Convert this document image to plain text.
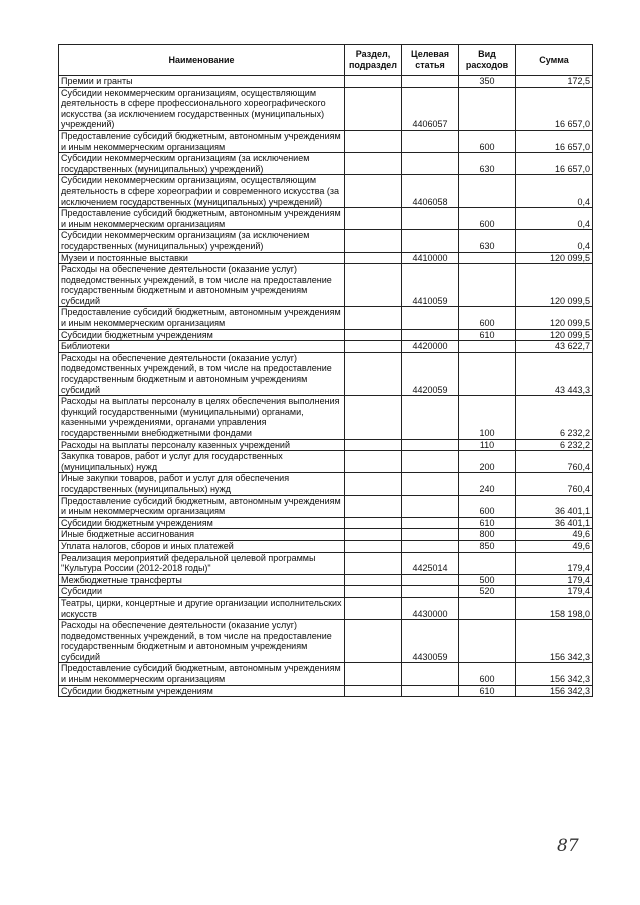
Наименование	Раздел, подраздел	Целевая статья	Вид расходов	Сумма
Премии и гранты			350	172,5
Субсидии некоммерческим организациям, осуществляющим деятельность в сфере профессионального хореографического искусства (за исключением государственных (муниципальных) учреждений)		4406057		16 657,0
Предоставление субсидий бюджетным, автономным учреждениям и иным некоммерческим организациям			600	16 657,0
Субсидии некоммерческим организациям (за исключением государственных (муниципальных) учреждений)			630	16 657,0
Субсидии некоммерческим организациям, осуществляющим деятельность в сфере хореографии и современного искусства (за исключением государственных (муниципальных) учреждений)		4406058		0,4
Предоставление субсидий бюджетным, автономным учреждениям и иным некоммерческим организациям			600	0,4
Субсидии некоммерческим организациям (за исключением государственных (муниципальных) учреждений)			630	0,4
Музеи и постоянные выставки		4410000		120 099,5
Расходы на обеспечение деятельности (оказание услуг) подведомственных учреждений, в том числе на предоставление государственным бюджетным и автономным учреждениям субсидий		4410059		120 099,5
Предоставление субсидий бюджетным, автономным учреждениям и иным некоммерческим организациям			600	120 099,5
Субсидии бюджетным учреждениям			610	120 099,5
Библиотеки		4420000		43 622,7
Расходы на обеспечение деятельности (оказание услуг) подведомственных учреждений, в том числе на предоставление государственным бюджетным и автономным учреждениям субсидий		4420059		43 443,3
Расходы на выплаты персоналу в целях обеспечения выполнения функций государственными (муниципальными) органами, казенными учреждениями, органами управления государственными внебюджетными фондами			100	6 232,2
Расходы на выплаты персоналу казенных учреждений			110	6 232,2
Закупка товаров, работ и услуг для государственных (муниципальных) нужд			200	760,4
Иные закупки товаров, работ и услуг для обеспечения государственных (муниципальных) нужд			240	760,4
Предоставление субсидий бюджетным, автономным учреждениям и иным некоммерческим организациям			600	36 401,1
Субсидии бюджетным учреждениям			610	36 401,1
Иные бюджетные ассигнования			800	49,6
Уплата налогов, сборов и иных платежей			850	49,6
Реализация мероприятий федеральной целевой программы "Культура России (2012-2018 годы)"		4425014		179,4
Межбюджетные трансферты			500	179,4
Субсидии			520	179,4
Театры, цирки, концертные и другие организации исполнительских искусств		4430000		158 198,0
Расходы на обеспечение деятельности (оказание услуг) подведомственных учреждений, в том числе на предоставление государственным бюджетным и автономным учреждениям субсидий		4430059		156 342,3
Предоставление субсидий бюджетным, автономным учреждениям и иным некоммерческим организациям			600	156 342,3
Субсидии бюджетным учреждениям			610	156 342,3
87
